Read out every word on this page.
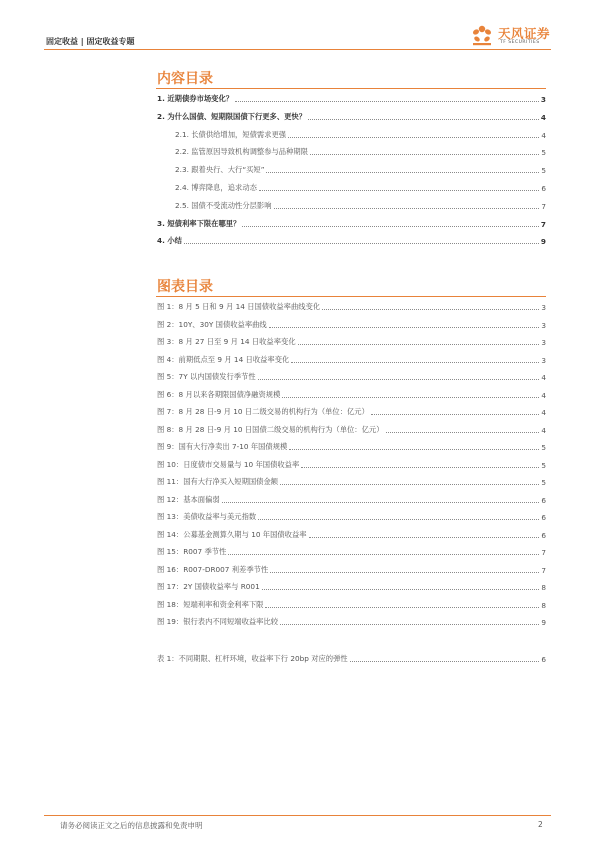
固定收益 | 固定收益专题
天风证券
TF SECURITIES
内容目录
1. 近期债券市场变化？	3
2. 为什么国债、短期限国债下行更多、更快？	4
2.1. 长债供给增加，短债需求更强	4
2.2. 监管原因导致机构调整参与品种期限	5
2.3. 跟着央行、大行“买短”	5
2.4. 博弈降息，追求动态	6
2.5. 国债不受流动性分层影响	7
3. 短债利率下限在哪里？	7
4. 小结	9
图表目录
图 1：8 月 5 日和 9 月 14 日国债收益率曲线变化	3
图 2：10Y、30Y 国债收益率曲线	3
图 3：8 月 27 日至 9 月 14 日收益率变化	3
图 4：前期低点至 9 月 14 日收益率变化	3
图 5：7Y 以内国债发行季节性	4
图 6：8 月以来各期限国债净融资规模	4
图 7：8 月 28 日-9 月 10 日二级交易的机构行为（单位：亿元）	4
图 8：8 月 28 日-9 月 10 日国债二级交易的机构行为（单位：亿元）	4
图 9：国有大行净卖出 7-10 年国债规模	5
图 10：日度债市交易量与 10 年国债收益率	5
图 11：国有大行净买入短期国债金额	5
图 12：基本面偏弱	6
图 13：美债收益率与美元指数	6
图 14：公募基金测算久期与 10 年国债收益率	6
图 15：R007 季节性	7
图 16：R007-DR007 利差季节性	7
图 17：2Y 国债收益率与 R001	8
图 18：短端利率和资金利率下限	8
图 19：银行表内不同短端收益率比较	9
表 1：不同期限、杠杆环境，收益率下行 20bp 对应的弹性	6
请务必阅读正文之后的信息披露和免责申明	2
